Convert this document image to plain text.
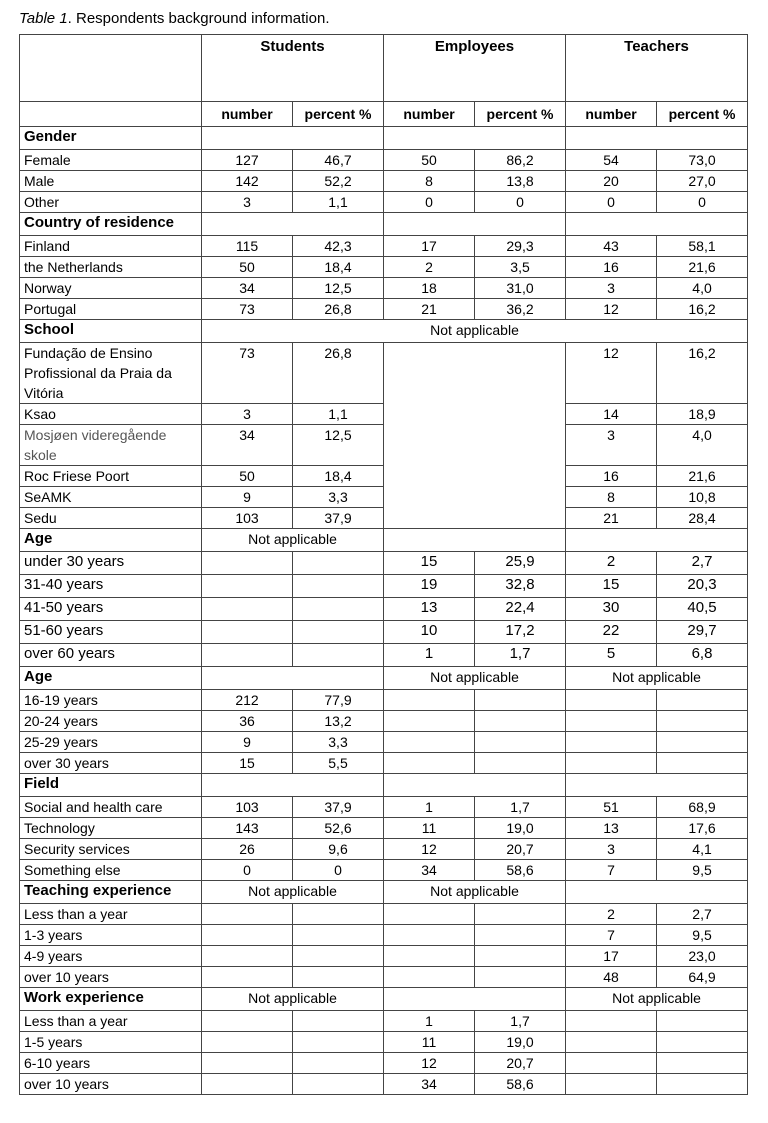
Table 1. Respondents background information.
	Students		Employees		Teachers	
	number	percent %	number	percent %	number	percent %
Gender						
Female	127	46,7	50	86,2	54	73,0
Male	142	52,2	8	13,8	20	27,0
Other	3	1,1	0	0	0	0
Country of residence						
Finland	115	42,3	17	29,3	43	58,1
the Netherlands	50	18,4	2	3,5	16	21,6
Norway	34	12,5	18	31,0	3	4,0
Portugal	73	26,8	21	36,2	12	16,2
School	Not applicable					
Fundação de Ensino Profissional da Praia da Vitória	73	26,8			12	16,2
Ksao	3	1,1			14	18,9
Mosjøen videregående skole	34	12,5			3	4,0
Roc Friese Poort	50	18,4			16	21,6
SeAMK	9	3,3			8	10,8
Sedu	103	37,9			21	28,4
Age	Not applicable					
under 30 years			15	25,9	2	2,7
31-40 years			19	32,8	15	20,3
41-50 years			13	22,4	30	40,5
51-60 years			10	17,2	22	29,7
over 60 years			1	1,7	5	6,8
Age			Not applicable		Not applicable	
16-19 years	212	77,9				
20-24 years	36	13,2				
25-29 years	9	3,3				
over 30 years	15	5,5				
Field						
Social and health care	103	37,9	1	1,7	51	68,9
Technology	143	52,6	11	19,0	13	17,6
Security services	26	9,6	12	20,7	3	4,1
Something else	0	0	34	58,6	7	9,5
Teaching experience	Not applicable		Not applicable			
Less than a year					2	2,7
1-3 years					7	9,5
4-9 years					17	23,0
over 10 years					48	64,9
Work experience	Not applicable				Not applicable	
Less than a year			1	1,7		
1-5 years			11	19,0		
6-10 years			12	20,7		
over 10 years			34	58,6		
